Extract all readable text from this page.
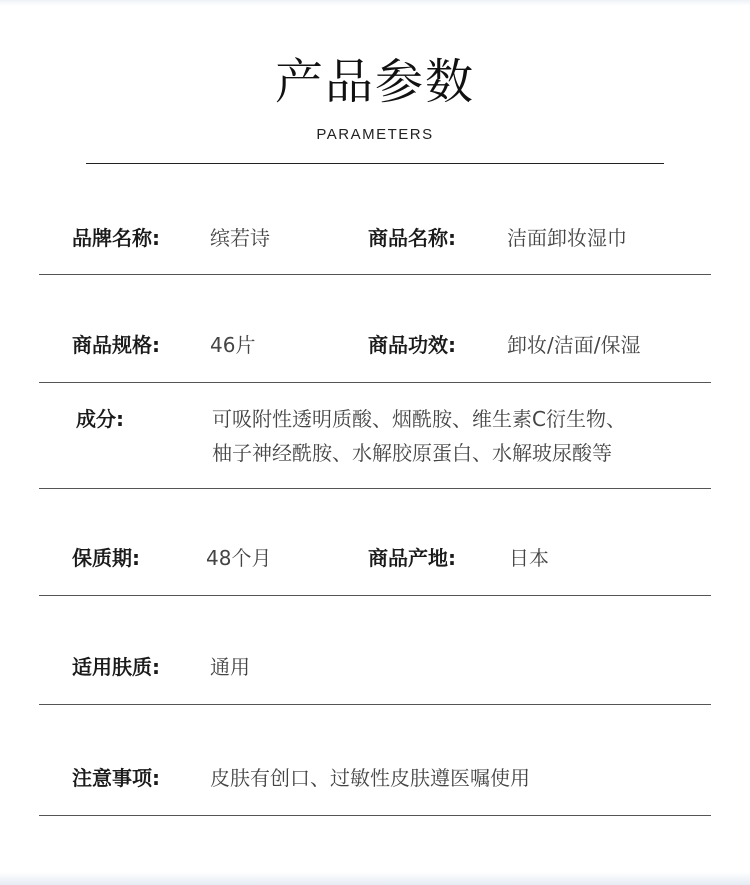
产品参数
PARAMETERS
品牌名称:	缤若诗	商品名称:	洁面卸妆湿巾
商品规格:	46片	商品功效:	卸妆/洁面/保湿
成分:	可吸附性透明质酸、烟酰胺、维生素C衍生物、
柚子神经酰胺、水解胶原蛋白、水解玻尿酸等
保质期:	48个月	商品产地:	日本
适用肤质:	通用
注意事项:	皮肤有创口、过敏性皮肤遵医嘱使用
